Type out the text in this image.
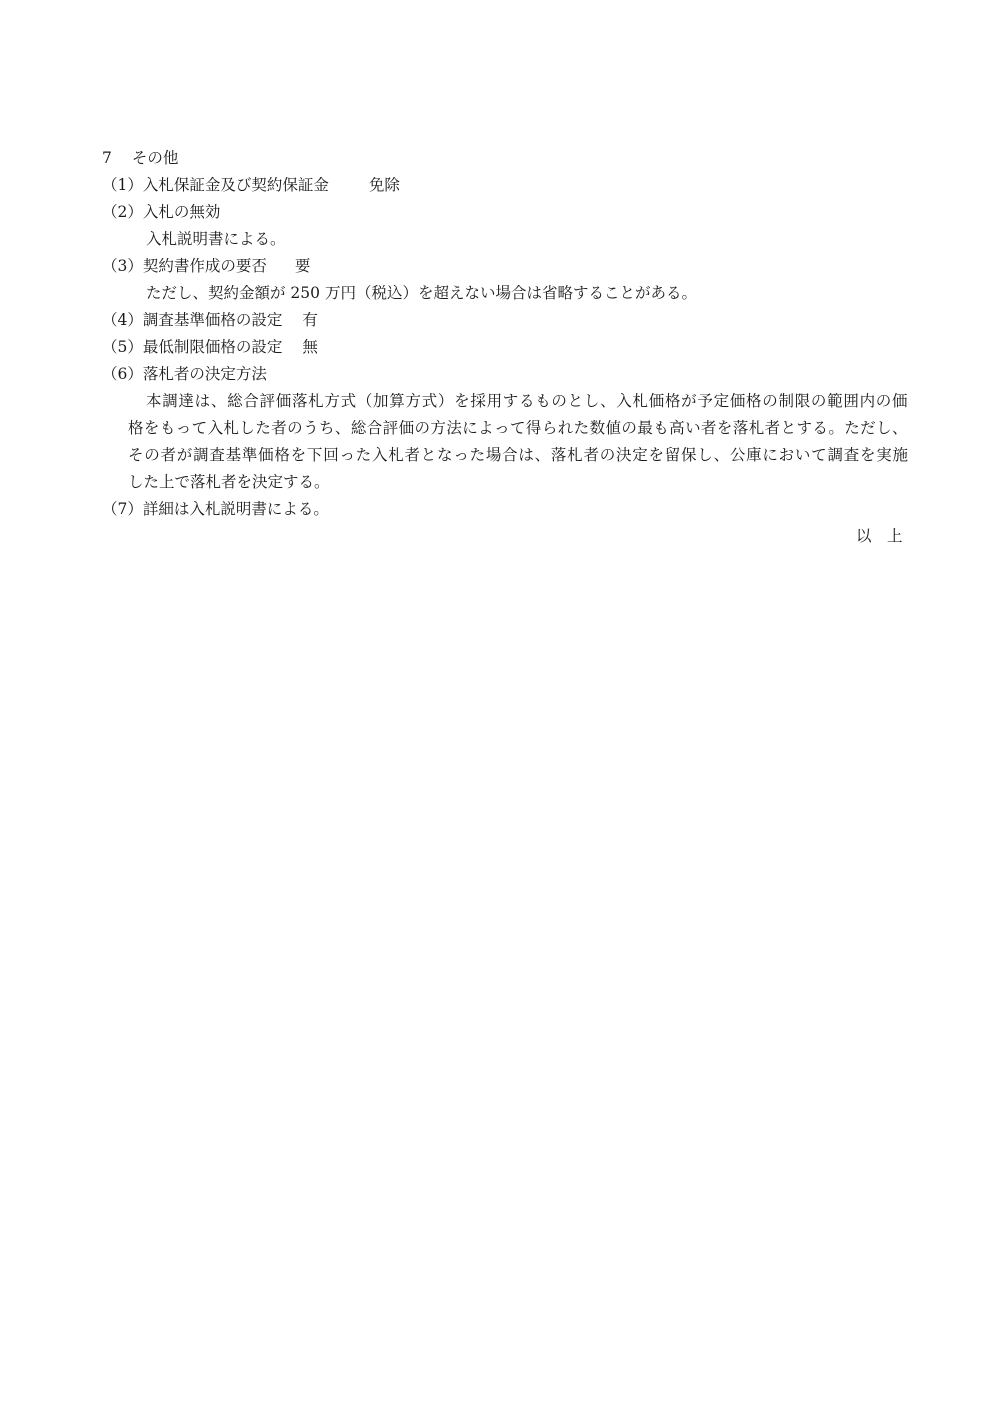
7 その他
（1）入札保証金及び契約保証金	免除
（2）入札の無効
入札説明書による。
（3）契約書作成の要否 要
ただし、契約金額が 250 万円（税込）を超えない場合は省略することがある。
（4）調査基準価格の設定 有
（5）最低制限価格の設定 無
（6）落札者の決定方法
本調達は、総合評価落札方式（加算方式）を採用するものとし、入札価格が予定価格の制限の範囲内の価
格をもって入札した者のうち、総合評価の方法によって得られた数値の最も高い者を落札者とする。ただし、
その者が調査基準価格を下回った入札者となった場合は、落札者の決定を留保し、公庫において調査を実施
した上で落札者を決定する。
（7）詳細は入札説明書による。
以　上
